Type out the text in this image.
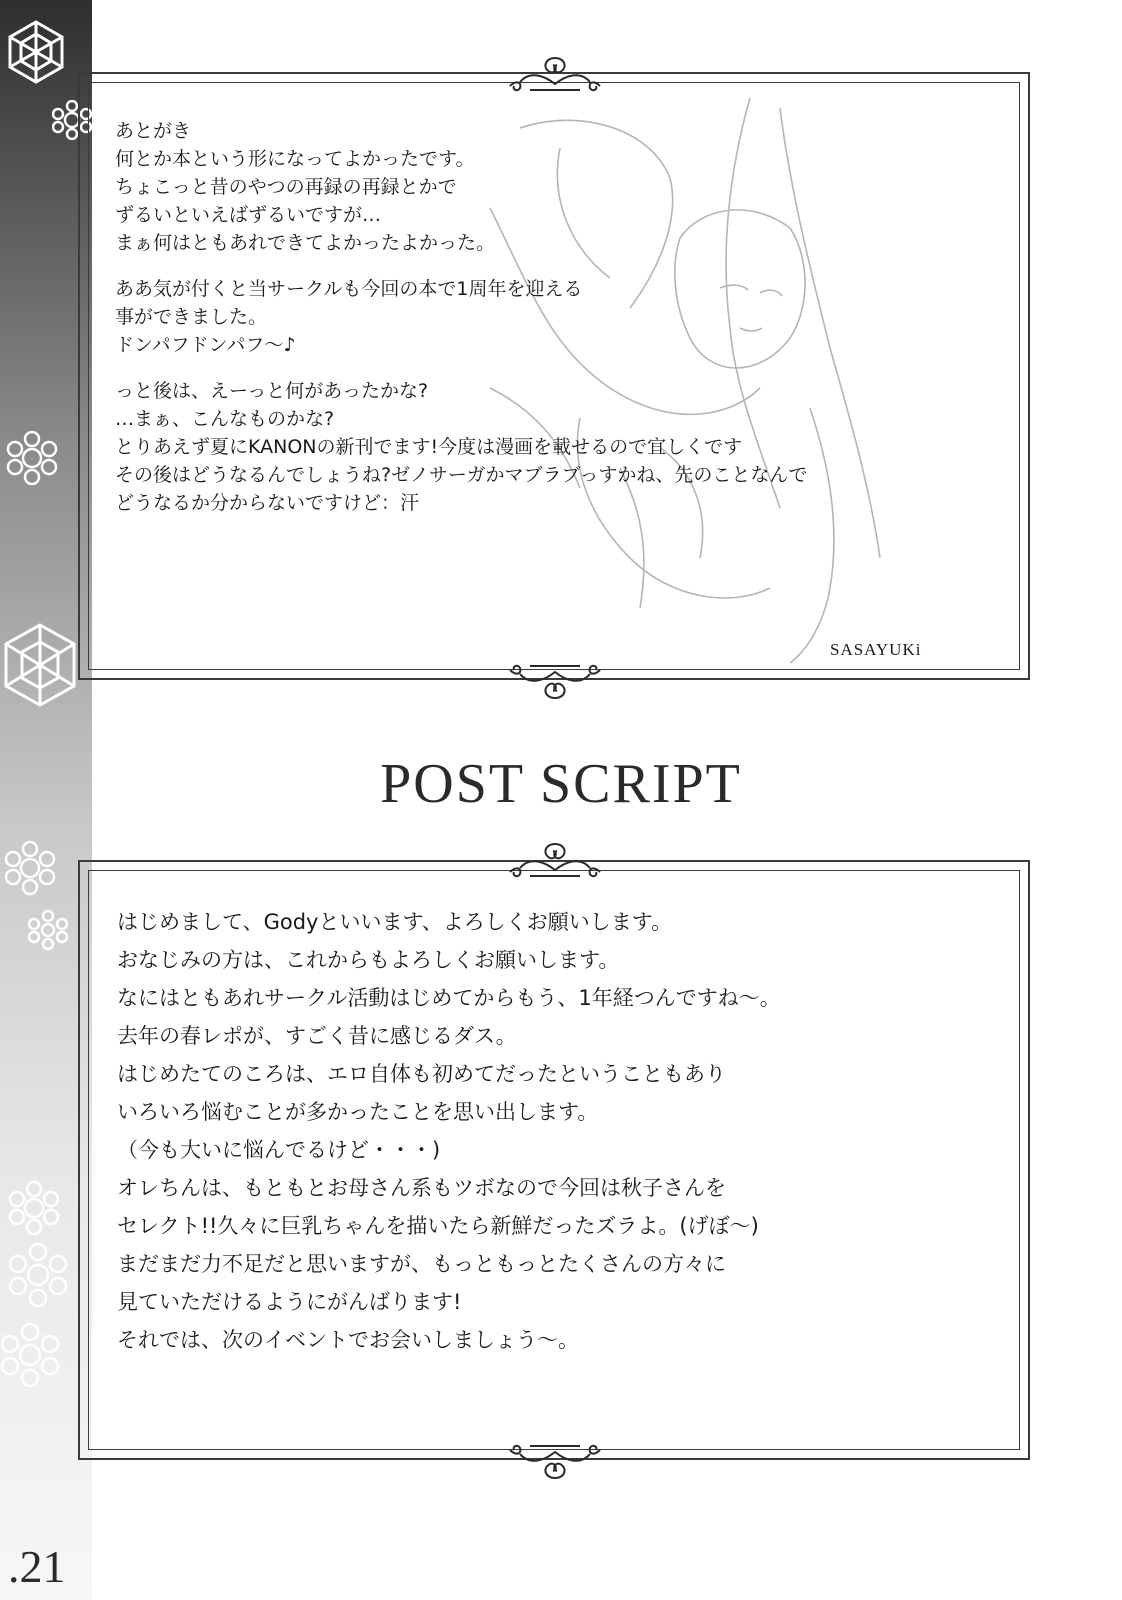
あとがき
何とか本という形になってよかったです。
ちょこっと昔のやつの再録の再録とかで
ずるいといえばずるいですが…
まぁ何はともあれできてよかったよかった。
ああ気が付くと当サークルも今回の本で1周年を迎える
事ができました。
ドンパフドンパフ～♪
っと後は、えーっと何があったかな?
…まぁ、こんなものかな?
とりあえず夏にKANONの新刊でます!今度は漫画を載せるので宜しくです
その後はどうなるんでしょうね?ゼノサーガかマブラブっすかね、先のことなんで
どうなるか分からないですけど：汗
SASAYUKi
POST SCRIPT
はじめまして、Godyといいます、よろしくお願いします。
おなじみの方は、これからもよろしくお願いします。
なにはともあれサークル活動はじめてからもう、1年経つんですね～。
去年の春レポが、すごく昔に感じるダス。
はじめたてのころは、エロ自体も初めてだったということもあり
いろいろ悩むことが多かったことを思い出します。
（今も大いに悩んでるけど・・・)
オレちんは、もともとお母さん系もツボなので今回は秋子さんを
セレクト!!久々に巨乳ちゃんを描いたら新鮮だったズラよ。(げぼ～)
まだまだ力不足だと思いますが、もっともっとたくさんの方々に
見ていただけるようにがんばります!
それでは、次のイベントでお会いしましょう～。
.21
